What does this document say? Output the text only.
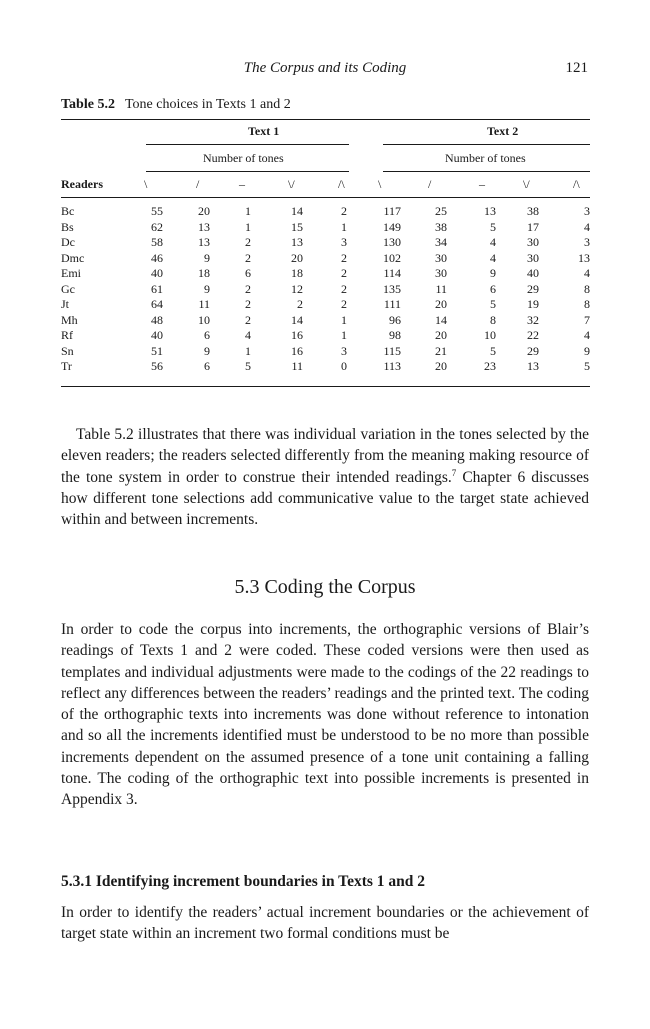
The Corpus and its Coding	121
Table 5.2 Tone choices in Texts 1 and 2
Text 1	Text 2
Number of tones	Number of tones
Readers	\	/	–	\/	/\	\	/	–	\/	/\
Bc	55	20	1	14	2	117	25	13	38	3
Bs	62	13	1	15	1	149	38	5	17	4
Dc	58	13	2	13	3	130	34	4	30	3
Dmc	46	9	2	20	2	102	30	4	30	13
Emi	40	18	6	18	2	114	30	9	40	4
Gc	61	9	2	12	2	135	11	6	29	8
Jt	64	11	2	2	2	111	20	5	19	8
Mh	48	10	2	14	1	96	14	8	32	7
Rf	40	6	4	16	1	98	20	10	22	4
Sn	51	9	1	16	3	115	21	5	29	9
Tr	56	6	5	11	0	113	20	23	13	5

Table 5.2 illustrates that there was individual variation in the tones selected by the eleven readers; the readers selected differently from the meaning making resource of the tone system in order to construe their intended readings.$^7$ Chapter 6 discusses how different tone selections add communicative value to the target state achieved within and between increments.

5.3 Coding the Corpus

In order to code the corpus into increments, the orthographic versions of Blair’s readings of Texts 1 and 2 were coded. These coded versions were then used as templates and individual adjustments were made to the codings of the 22 readings to reflect any differences between the readers’ readings and the printed text. The coding of the orthographic texts into increments was done without reference to intonation and so all the increments identified must be understood to be no more than possible increments dependent on the assumed presence of a tone unit containing a falling tone. The coding of the orthographic text into possible increments is presented in Appendix 3.

5.3.1 Identifying increment boundaries in Texts 1 and 2

In order to identify the readers’ actual increment boundaries or the achievement of target state within an increment two formal conditions must be
